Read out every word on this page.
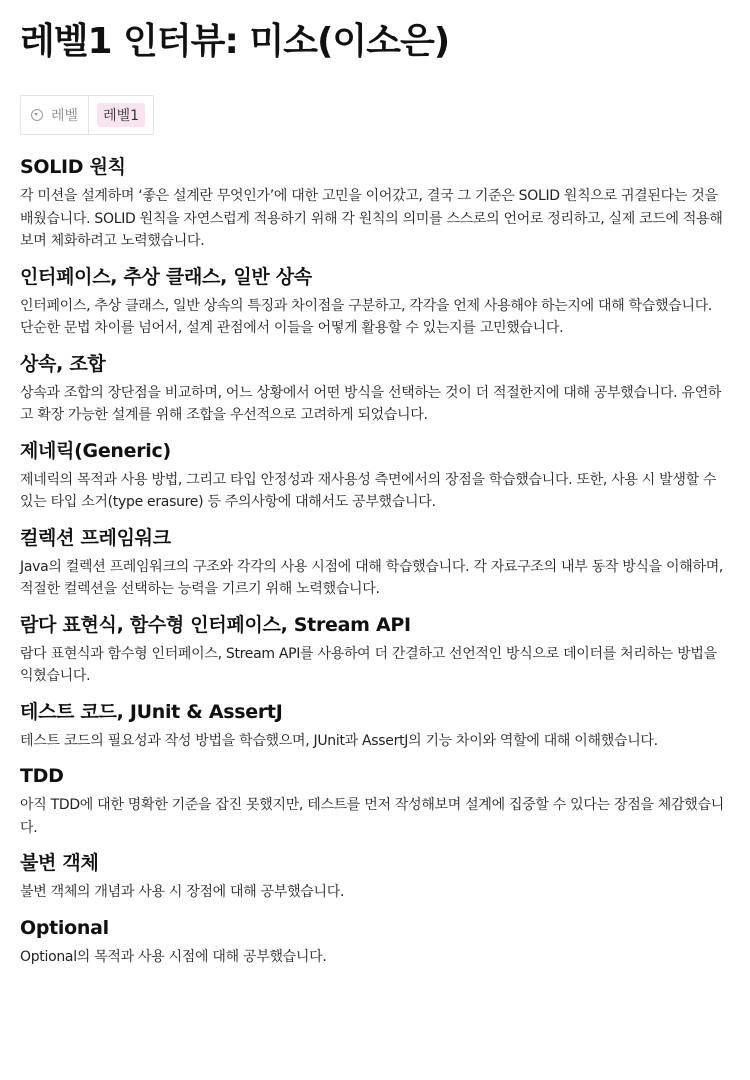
레벨1 인터뷰: 미소(이소은)
레벨	레벨1
SOLID 원칙

각 미션을 설계하며 ‘좋은 설계란 무엇인가’에 대한 고민을 이어갔고, 결국 그 기준은 SOLID 원칙으로 귀결된다는 것을 배웠습니다. SOLID 원칙을 자연스럽게 적용하기 위해 각 원칙의 의미를 스스로의 언어로 정리하고, 실제 코드에 적용해보며 체화하려고 노력했습니다.

인터페이스, 추상 클래스, 일반 상속

인터페이스, 추상 클래스, 일반 상속의 특징과 차이점을 구분하고, 각각을 언제 사용해야 하는지에 대해 학습했습니다. 단순한 문법 차이를 넘어서, 설계 관점에서 이들을 어떻게 활용할 수 있는지를 고민했습니다.

상속, 조합

상속과 조합의 장단점을 비교하며, 어느 상황에서 어떤 방식을 선택하는 것이 더 적절한지에 대해 공부했습니다. 유연하고 확장 가능한 설계를 위해 조합을 우선적으로 고려하게 되었습니다.

제네릭(Generic)

제네릭의 목적과 사용 방법, 그리고 타입 안정성과 재사용성 측면에서의 장점을 학습했습니다. 또한, 사용 시 발생할 수 있는 타입 소거(type erasure) 등 주의사항에 대해서도 공부했습니다.

컬렉션 프레임워크

Java의 컬렉션 프레임워크의 구조와 각각의 사용 시점에 대해 학습했습니다. 각 자료구조의 내부 동작 방식을 이해하며, 적절한 컬렉션을 선택하는 능력을 기르기 위해 노력했습니다.

람다 표현식, 함수형 인터페이스, Stream API

람다 표현식과 함수형 인터페이스, Stream API를 사용하여 더 간결하고 선언적인 방식으로 데이터를 처리하는 방법을 익혔습니다.

테스트 코드, JUnit & AssertJ

테스트 코드의 필요성과 작성 방법을 학습했으며, JUnit과 AssertJ의 기능 차이와 역할에 대해 이해했습니다.

TDD

아직 TDD에 대한 명확한 기준을 잡진 못했지만, 테스트를 먼저 작성해보며 설계에 집중할 수 있다는 장점을 체감했습니다.

불변 객체

불변 객체의 개념과 사용 시 장점에 대해 공부했습니다.

Optional

Optional의 목적과 사용 시점에 대해 공부했습니다.
